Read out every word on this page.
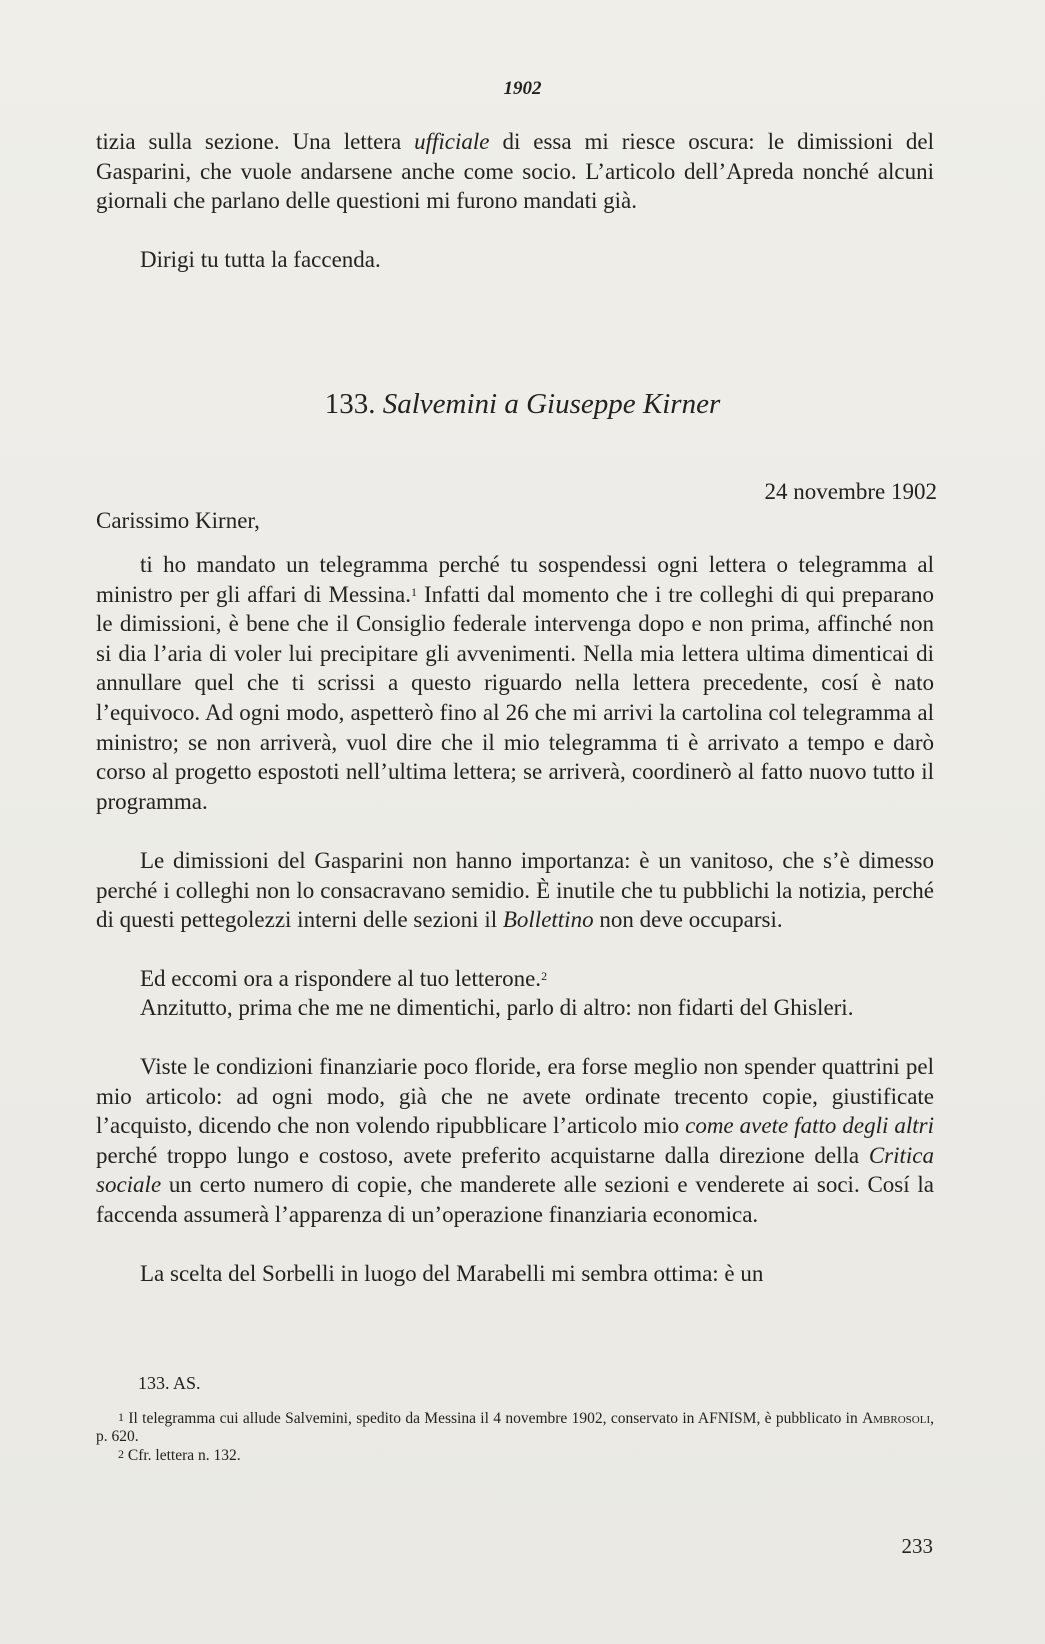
1902

tizia sulla sezione. Una lettera ufficiale di essa mi riesce oscura: le dimissioni del Gasparini, che vuole andarsene anche come socio. L’articolo dell’Apreda nonché alcuni giornali che parlano delle questioni mi furono mandati già.

Dirigi tu tutta la faccenda.

133. Salvemini a Giuseppe Kirner
24 novembre 1902
Carissimo Kirner,

ti ho mandato un telegramma perché tu sospendessi ogni lettera o telegramma al ministro per gli affari di Messina.$^1$ Infatti dal momento che i tre colleghi di qui preparano le dimissioni, è bene che il Consiglio federale intervenga dopo e non prima, affinché non si dia l’aria di voler lui precipitare gli avvenimenti. Nella mia lettera ultima dimenticai di annullare quel che ti scrissi a questo riguardo nella lettera precedente, cosí è nato l’equivoco. Ad ogni modo, aspetterò fino al 26 che mi arrivi la cartolina col telegramma al ministro; se non arriverà, vuol dire che il mio telegramma ti è arrivato a tempo e darò corso al progetto espostoti nell’ultima lettera; se arriverà, coordinerò al fatto nuovo tutto il programma.

Le dimissioni del Gasparini non hanno importanza: è un vanitoso, che s’è dimesso perché i colleghi non lo consacravano semidio. È inutile che tu pubblichi la notizia, perché di questi pettegolezzi interni delle sezioni il Bollettino non deve occuparsi.

Ed eccomi ora a rispondere al tuo letterone.$^2$

Anzitutto, prima che me ne dimentichi, parlo di altro: non fidarti del Ghisleri.

Viste le condizioni finanziarie poco floride, era forse meglio non spender quattrini pel mio articolo: ad ogni modo, già che ne avete ordinate trecento copie, giustificate l’acquisto, dicendo che non volendo ripubblicare l’articolo mio come avete fatto degli altri perché troppo lungo e costoso, avete preferito acquistarne dalla direzione della Critica sociale un certo numero di copie, che manderete alle sezioni e venderete ai soci. Cosí la faccenda assumerà l’apparenza di un’operazione finanziaria economica.

La scelta del Sorbelli in luogo del Marabelli mi sembra ottima: è un

133. AS.

$^1$ Il telegramma cui allude Salvemini, spedito da Messina il 4 novembre 1902, conservato in AFNISM, è pubblicato in Ambrosoli, p. 620.

$^2$ Cfr. lettera n. 132.

233
